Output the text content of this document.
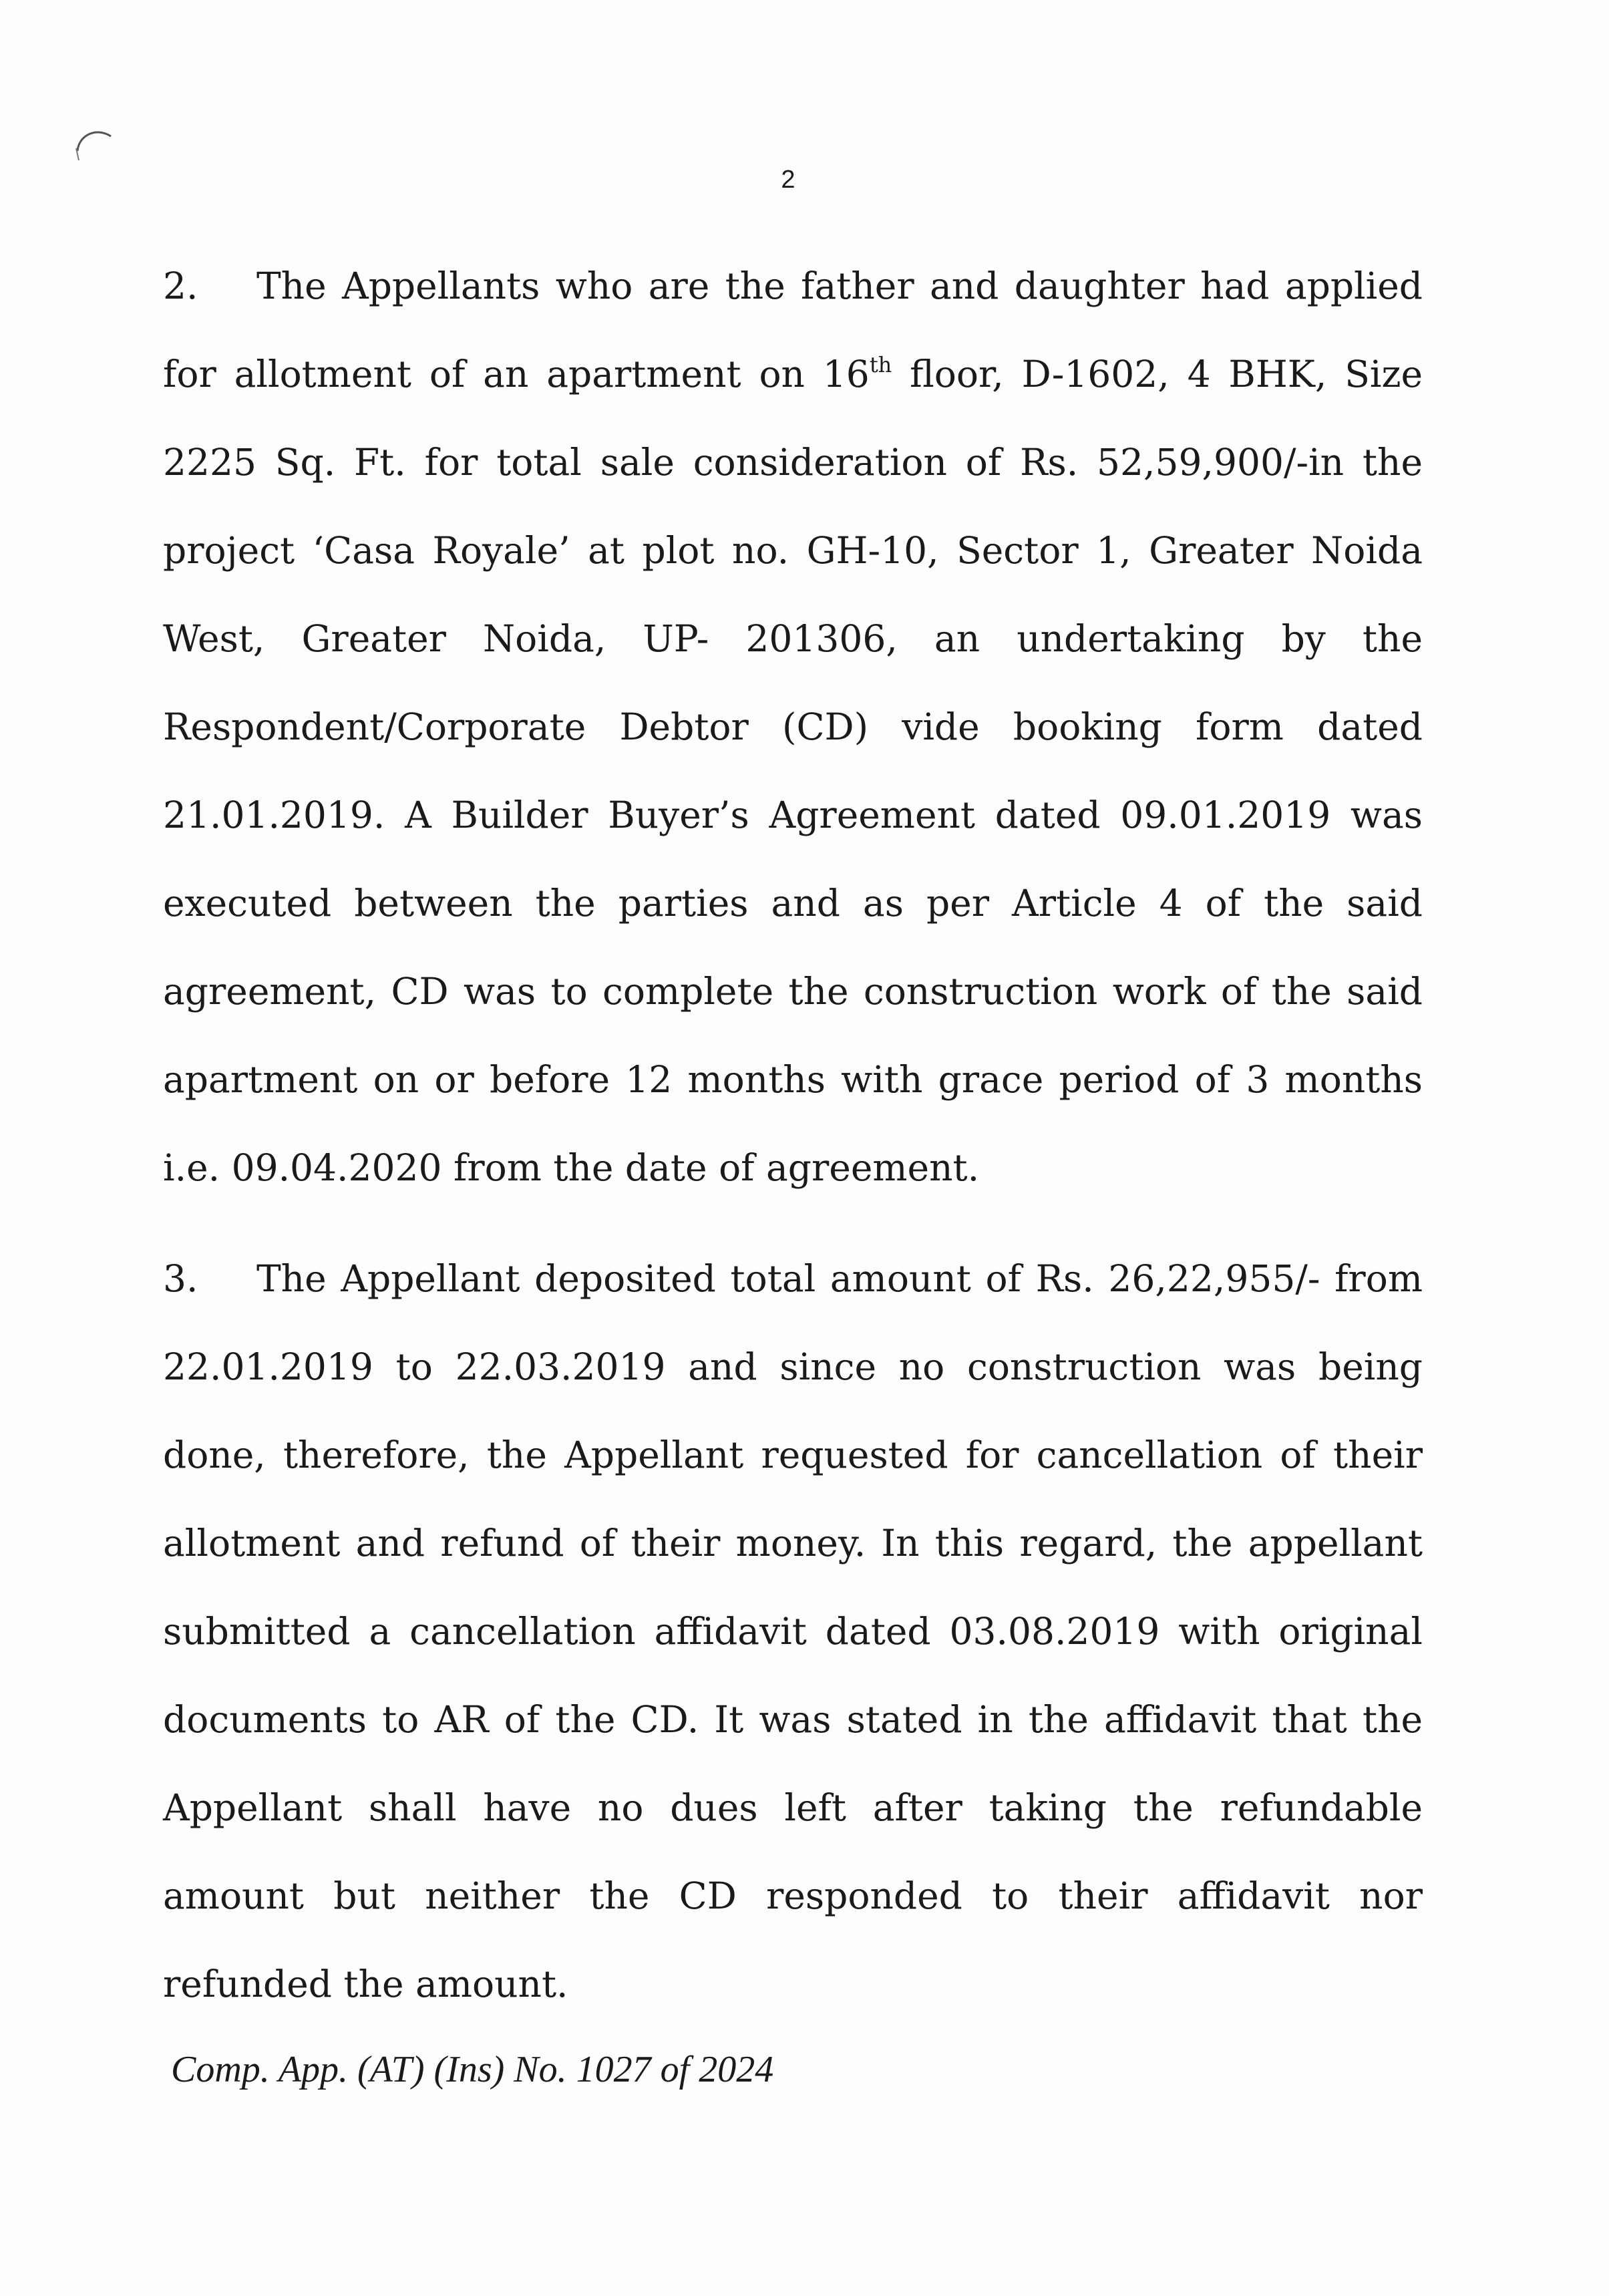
2

2. The Appellants who are the father and daughter had applied for allotment of an apartment on 16th floor, D-1602, 4 BHK, Size 2225 Sq. Ft. for total sale consideration of Rs. 52,59,900/-in the project ‘Casa Royale’ at plot no. GH-10, Sector 1, Greater Noida West, Greater Noida, UP- 201306, an undertaking by the Respondent/Corporate Debtor (CD) vide booking form dated 21.01.2019. A Builder Buyer’s Agreement dated 09.01.2019 was executed between the parties and as per Article 4 of the said agreement, CD was to complete the construction work of the said apartment on or before 12 months with grace period of 3 months i.e. 09.04.2020 from the date of agreement.

3. The Appellant deposited total amount of Rs. 26,22,955/- from 22.01.2019 to 22.03.2019 and since no construction was being done, therefore, the Appellant requested for cancellation of their allotment and refund of their money. In this regard, the appellant submitted a cancellation affidavit dated 03.08.2019 with original documents to AR of the CD. It was stated in the affidavit that the Appellant shall have no dues left after taking the refundable amount but neither the CD responded to their affidavit nor refunded the amount.

Comp. App. (AT) (Ins) No. 1027 of 2024
